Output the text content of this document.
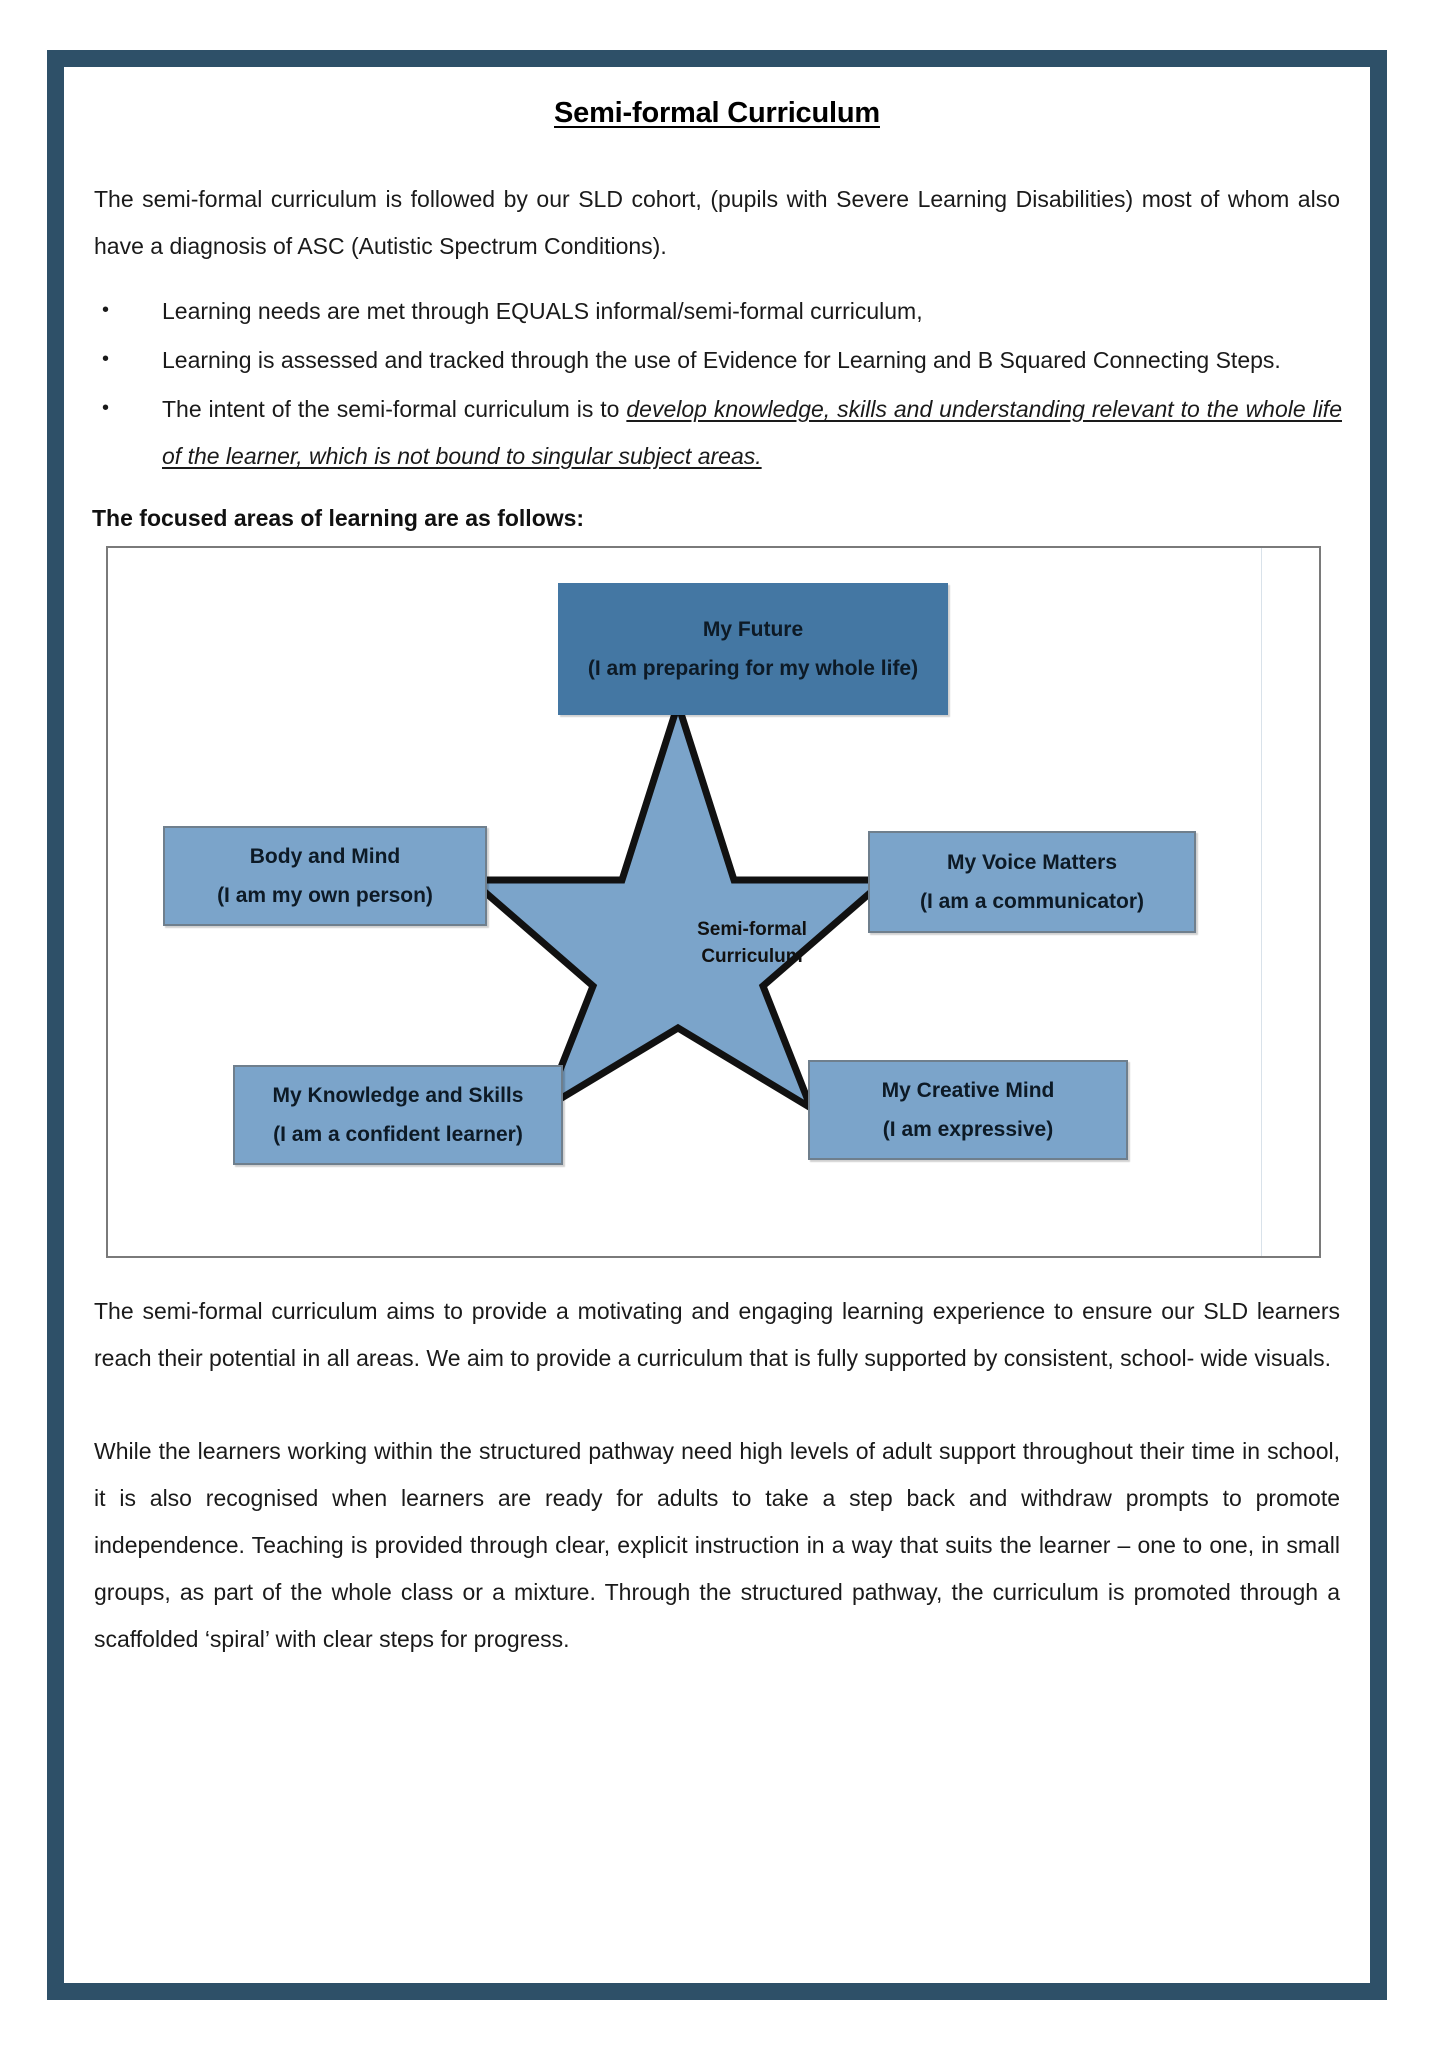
Semi-formal Curriculum

The semi-formal curriculum is followed by our SLD cohort, (pupils with Severe Learning Disabilities) most of whom also have a diagnosis of ASC (Autistic Spectrum Conditions).

• Learning needs are met through EQUALS informal/semi-formal curriculum,
• Learning is assessed and tracked through the use of Evidence for Learning and B Squared Connecting Steps.
• The intent of the semi-formal curriculum is to develop knowledge, skills and understanding relevant to the whole life of the learner, which is not bound to singular subject areas.

The focused areas of learning are as follows:

Semi-formal
Curriculum
My Future
(I am preparing for my whole life)
Body and Mind
(I am my own person)
My Voice Matters
(I am a communicator)
My Knowledge and Skills
(I am a confident learner)
My Creative Mind
(I am expressive)

The semi-formal curriculum aims to provide a motivating and engaging learning experience to ensure our SLD learners reach their potential in all areas. We aim to provide a curriculum that is fully supported by consistent, school- wide visuals.

While the learners working within the structured pathway need high levels of adult support throughout their time in school, it is also recognised when learners are ready for adults to take a step back and withdraw prompts to promote independence. Teaching is provided through clear, explicit instruction in a way that suits the learner – one to one, in small groups, as part of the whole class or a mixture. Through the structured pathway, the curriculum is promoted through a scaffolded ‘spiral’ with clear steps for progress.
